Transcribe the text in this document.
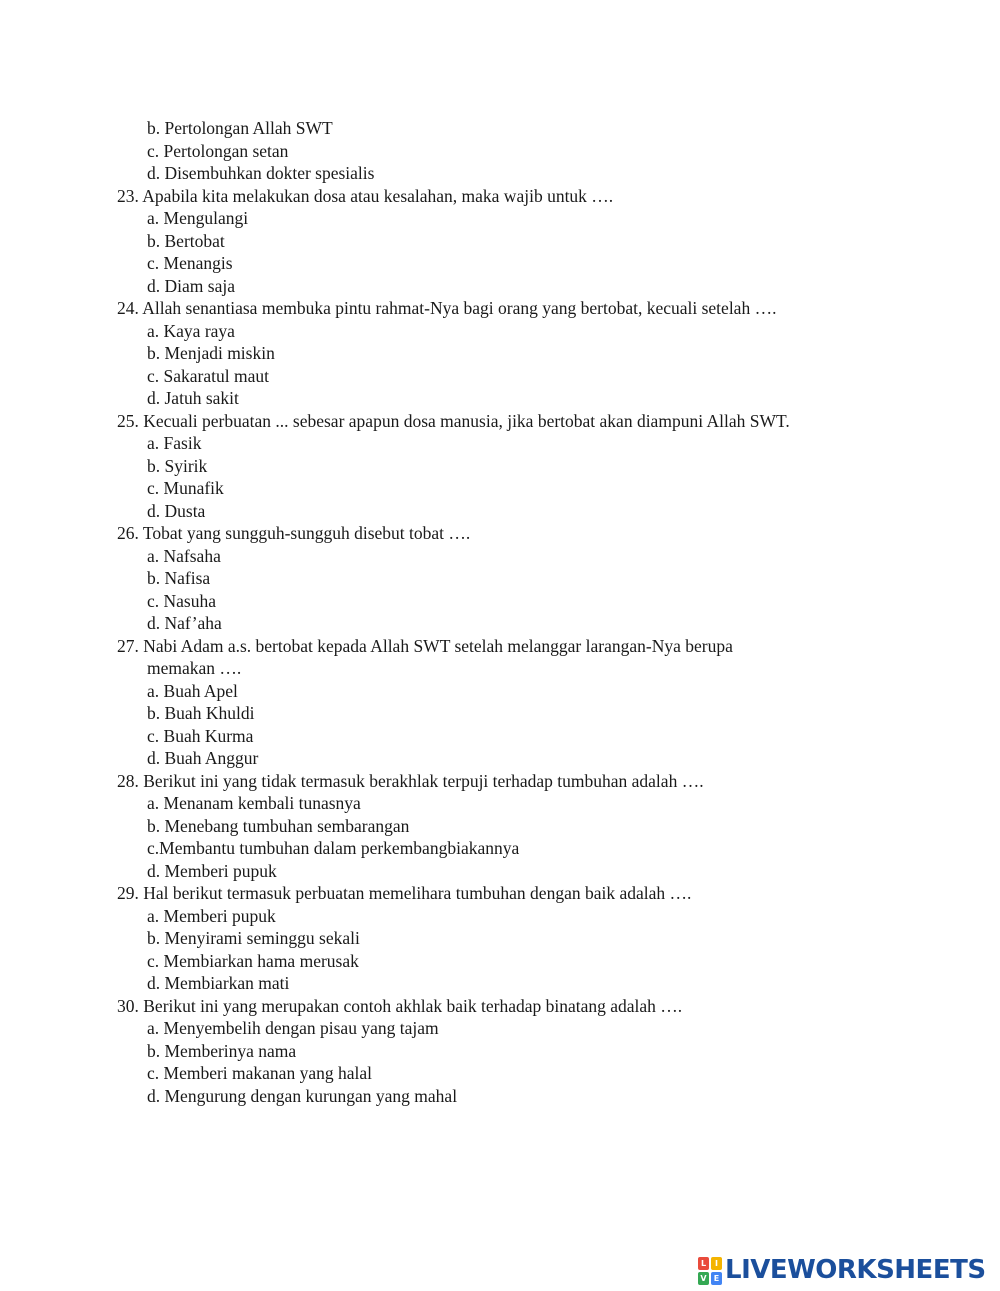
b. Pertolongan Allah SWT
c. Pertolongan setan
d. Disembuhkan dokter spesialis
23. Apabila kita melakukan dosa atau kesalahan, maka wajib untuk ….
a. Mengulangi
b. Bertobat
c. Menangis
d. Diam saja
24. Allah senantiasa membuka pintu rahmat-Nya bagi orang yang bertobat, kecuali setelah ….
a. Kaya raya
b. Menjadi miskin
c. Sakaratul maut
d. Jatuh sakit
25. Kecuali perbuatan ... sebesar apapun dosa manusia, jika bertobat akan diampuni Allah SWT.
a. Fasik
b. Syirik
c. Munafik
d. Dusta
26. Tobat yang sungguh-sungguh disebut tobat ….
a. Nafsaha
b. Nafisa
c. Nasuha
d. Naf’aha
27. Nabi Adam a.s. bertobat kepada Allah SWT setelah melanggar larangan-Nya berupa
memakan ….
a. Buah Apel
b. Buah Khuldi
c. Buah Kurma
d. Buah Anggur
28. Berikut ini yang tidak termasuk berakhlak terpuji terhadap tumbuhan adalah ….
a. Menanam kembali tunasnya
b. Menebang tumbuhan sembarangan
c.Membantu tumbuhan dalam perkembangbiakannya
d. Memberi pupuk
29. Hal berikut termasuk perbuatan memelihara tumbuhan dengan baik adalah ….
a. Memberi pupuk
b. Menyirami seminggu sekali
c. Membiarkan hama merusak
d. Membiarkan mati
30. Berikut ini yang merupakan contoh akhlak baik terhadap binatang adalah ….
a. Menyembelih dengan pisau yang tajam
b. Memberinya nama
c. Memberi makanan yang halal
d. Mengurung dengan kurungan yang mahal
L	I
V E LIVEWORKSHEETS
